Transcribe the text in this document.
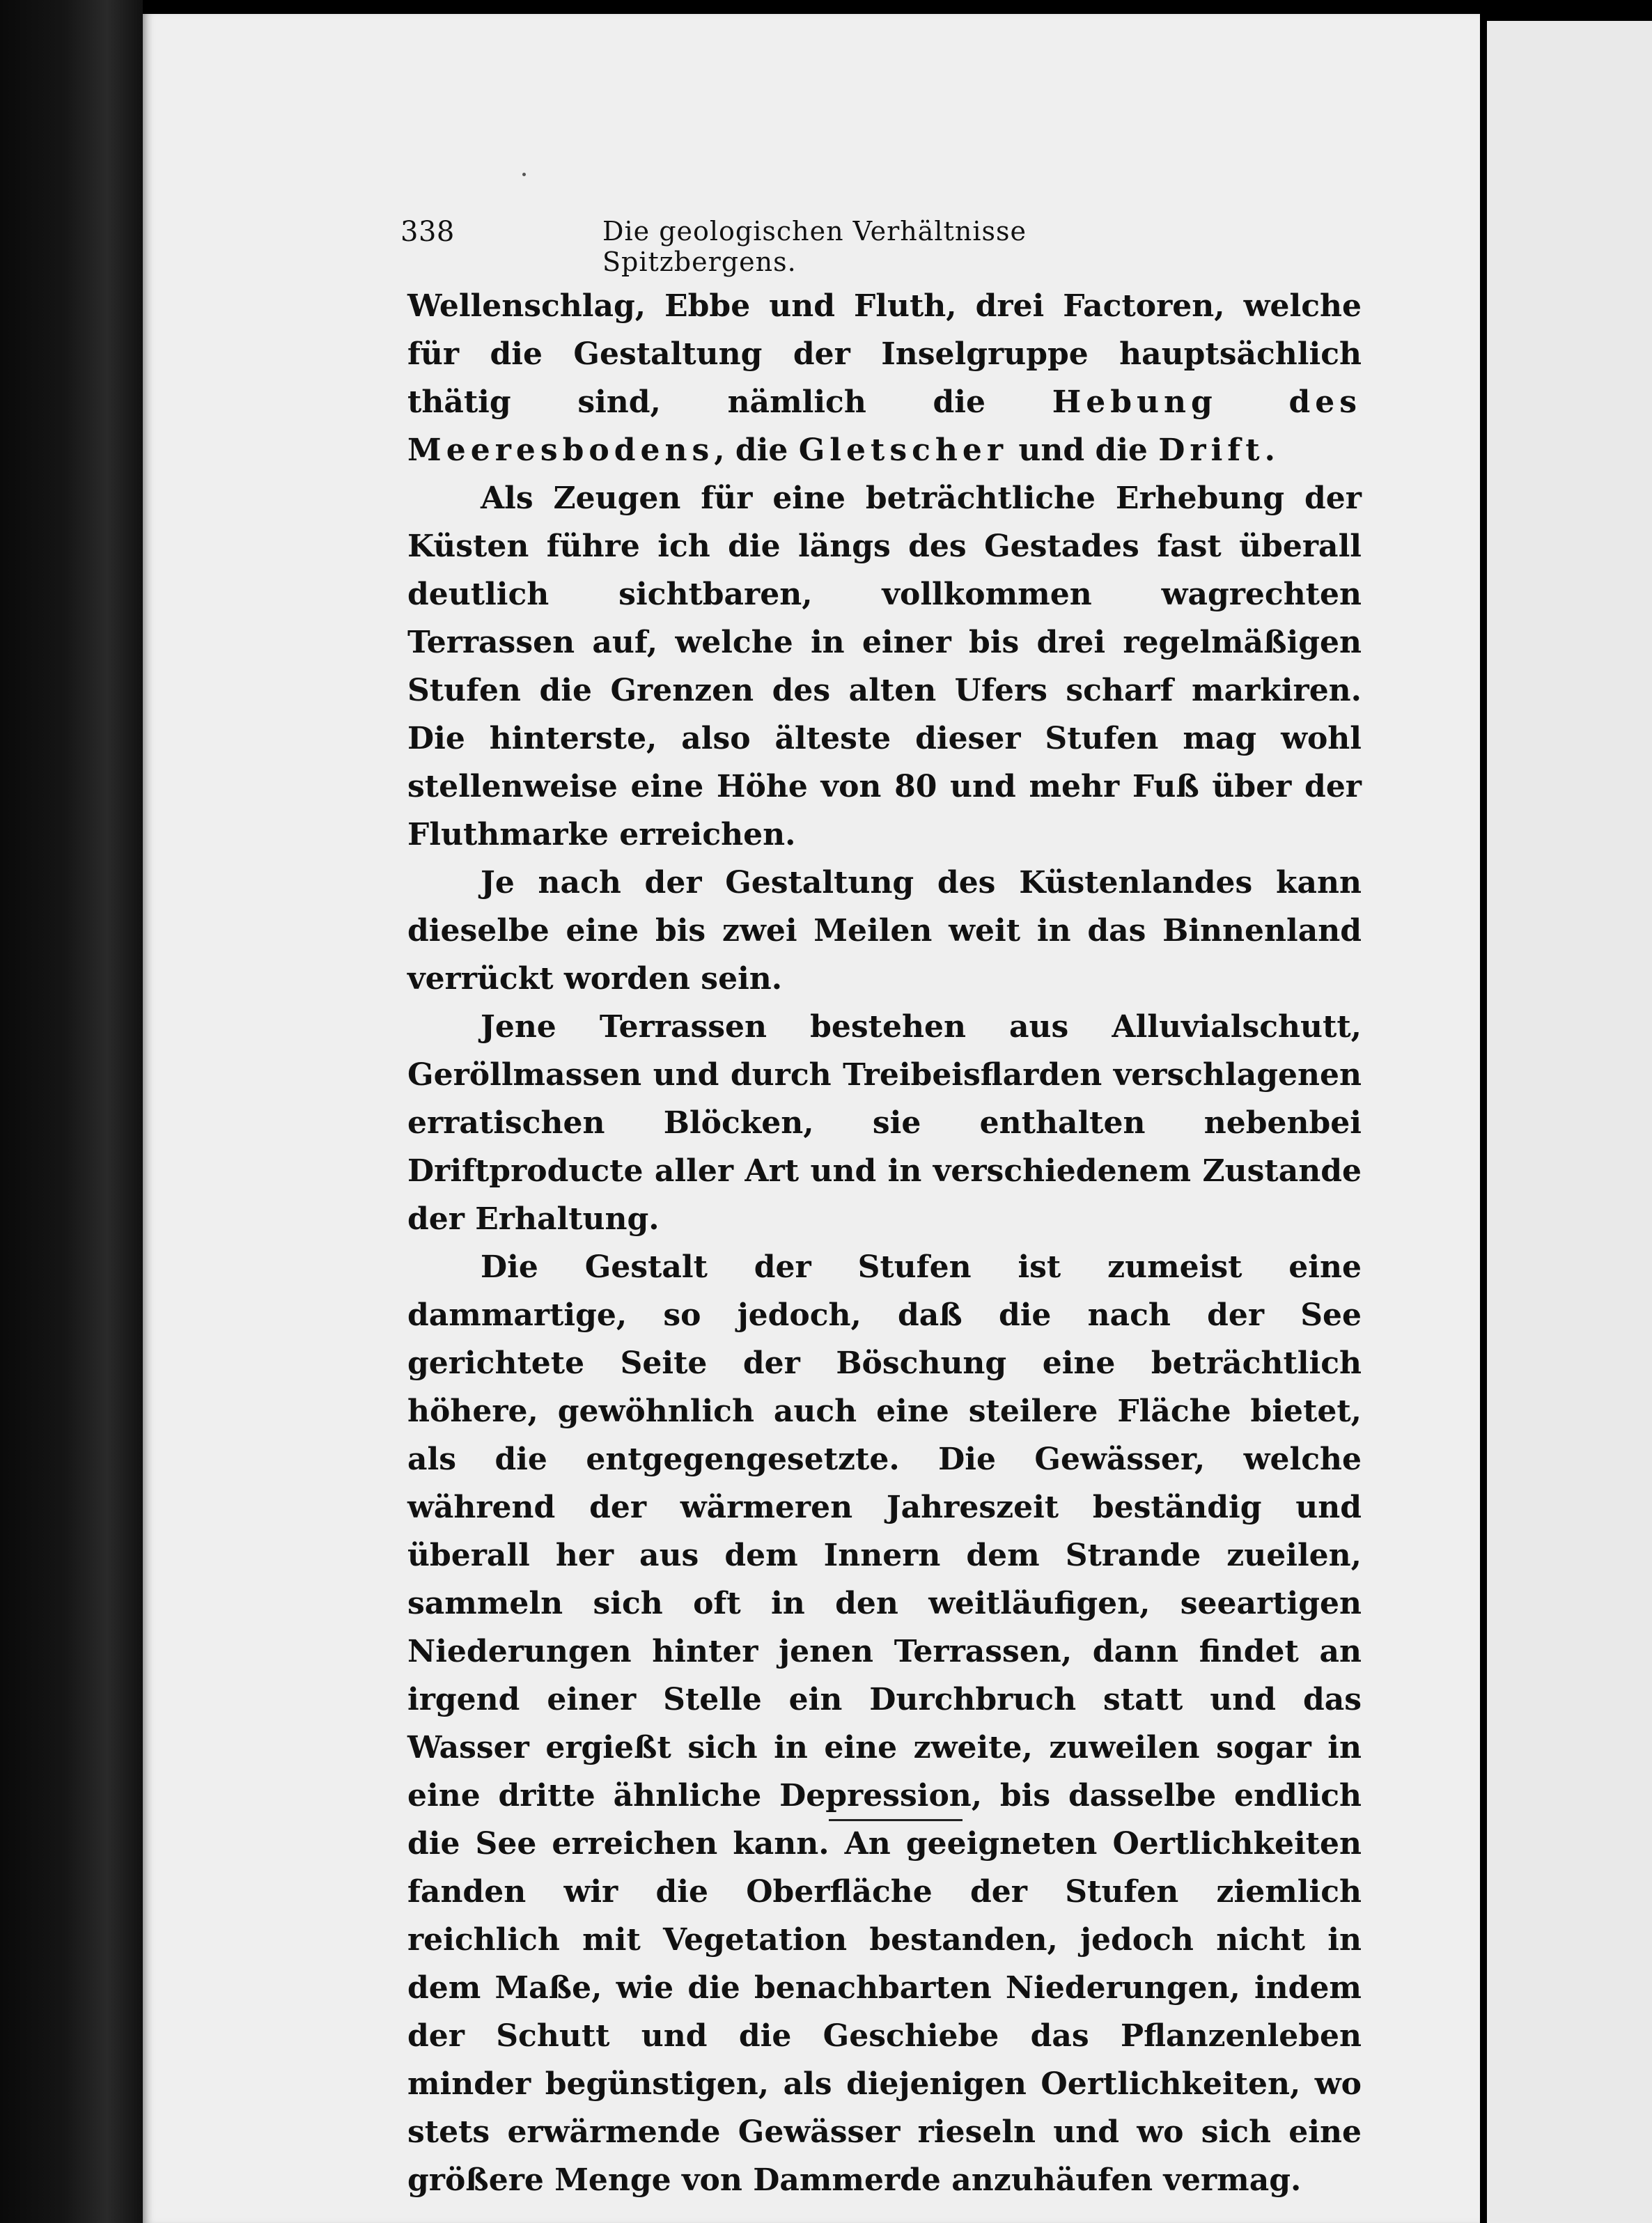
338	Die geologischen Verhältnisse Spitzbergens.

Wellenschlag, Ebbe und Fluth, drei Factoren, welche für die Gestaltung der Inselgruppe hauptsächlich thätig sind, nämlich die Hebung des Meeresbodens, die Gletscher und die Drift.

Als Zeugen für eine beträchtliche Erhebung der Küsten führe ich die längs des Gestades fast überall deutlich sichtbaren, vollkommen wagrechten Terrassen auf, welche in einer bis drei regelmäßigen Stufen die Grenzen des alten Ufers scharf markiren. Die hinterste, also älteste dieser Stufen mag wohl stellenweise eine Höhe von 80 und mehr Fuß über der Fluthmarke erreichen.

Je nach der Gestaltung des Küstenlandes kann dieselbe eine bis zwei Meilen weit in das Binnenland verrückt worden sein.

Jene Terrassen bestehen aus Alluvialschutt, Geröllmassen und durch Treibeisflarden verschlagenen erratischen Blöcken, sie enthalten nebenbei Driftproducte aller Art und in verschiedenem Zustande der Erhaltung.

Die Gestalt der Stufen ist zumeist eine dammartige, so jedoch, daß die nach der See gerichtete Seite der Böschung eine beträchtlich höhere, gewöhnlich auch eine steilere Fläche bietet, als die entgegengesetzte. Die Gewässer, welche während der wärmeren Jahreszeit beständig und überall her aus dem Innern dem Strande zueilen, sammeln sich oft in den weitläufigen, seeartigen Niederungen hinter jenen Terrassen, dann findet an irgend einer Stelle ein Durchbruch statt und das Wasser ergießt sich in eine zweite, zuweilen sogar in eine dritte ähnliche Depression, bis dasselbe endlich die See erreichen kann. An geeigneten Oertlichkeiten fanden wir die Oberfläche der Stufen ziemlich reichlich mit Vegetation bestanden, jedoch nicht in dem Maße, wie die benachbarten Niederungen, indem der Schutt und die Geschiebe das Pflanzenleben minder begünstigen, als diejenigen Oertlichkeiten, wo stets erwärmende Gewässer rieseln und wo sich eine größere Menge von Dammerde anzuhäufen vermag.
